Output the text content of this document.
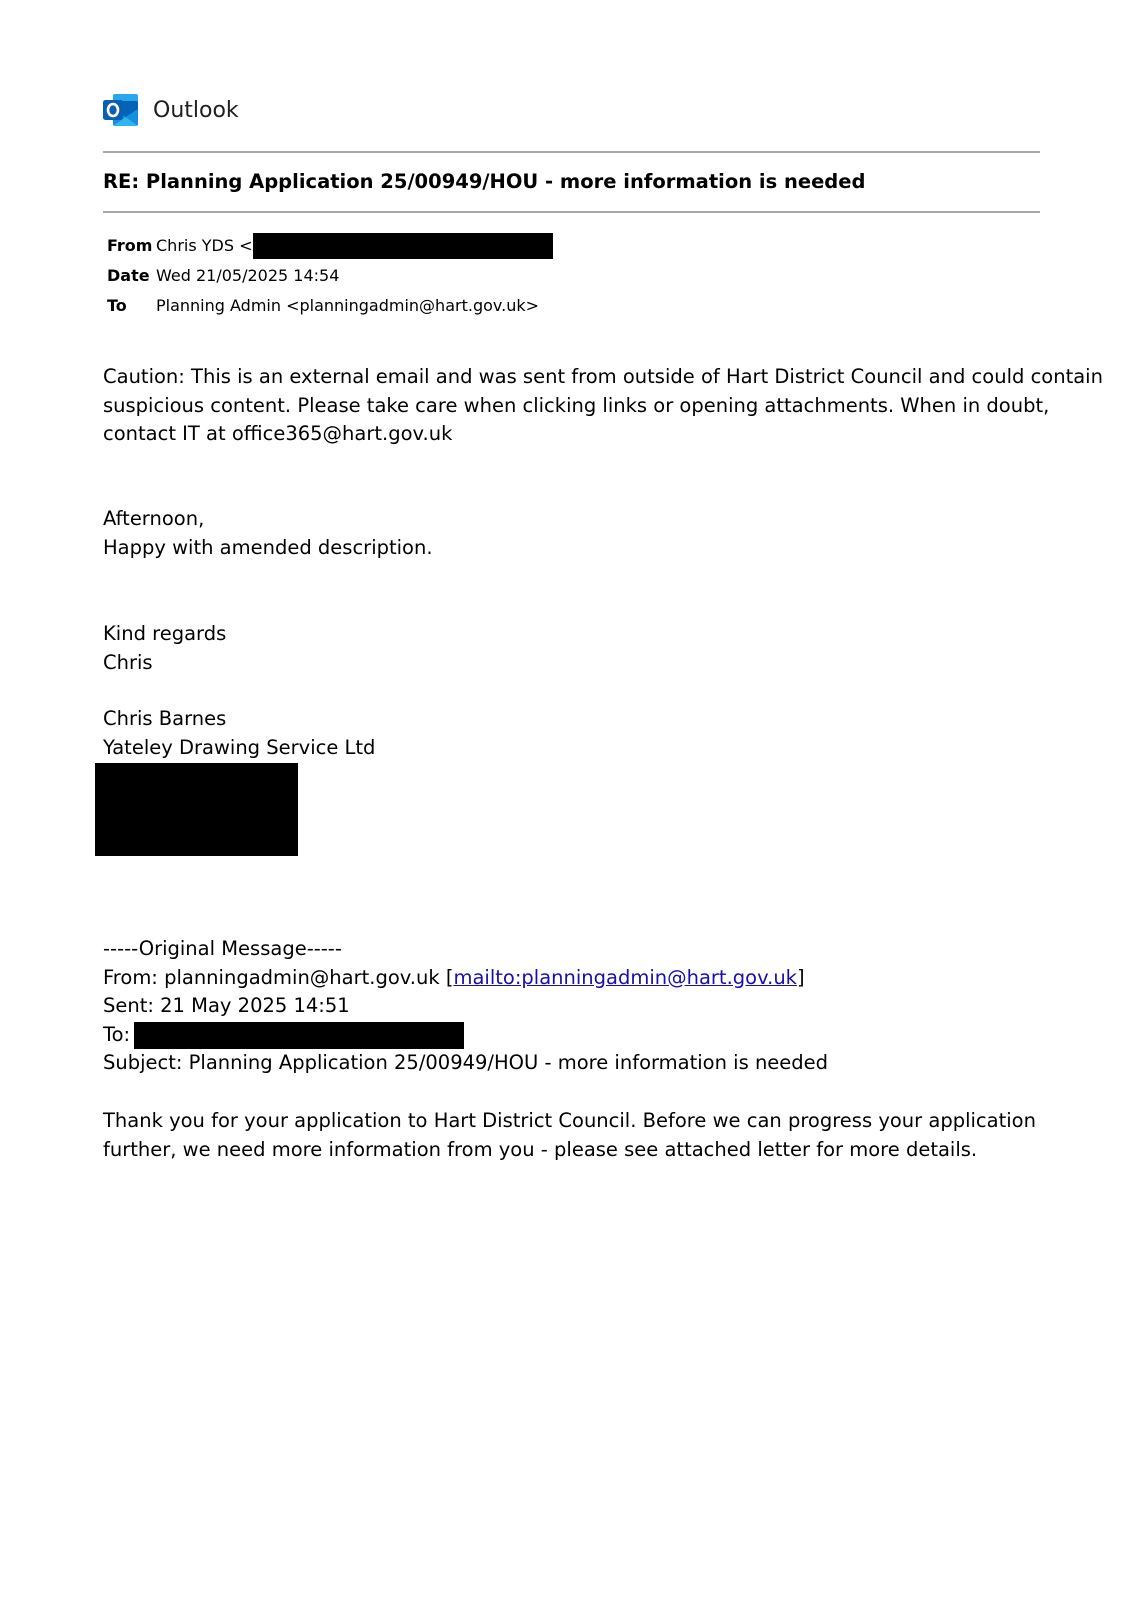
Outlook
RE: Planning Application 25/00949/HOU - more information is needed
From Chris YDS <
Date Wed 21/05/2025 14:54
To	Planning Admin <planningadmin@hart.gov.uk>
Caution: This is an external email and was sent from outside of Hart District Council and could contain
suspicious content. Please take care when clicking links or opening attachments. When in doubt,
contact IT at office365@hart.gov.uk
Afternoon,
Happy with amended description.
Kind regards
Chris
Chris Barnes
Yateley Drawing Service Ltd
-----Original Message-----
From: planningadmin@hart.gov.uk [mailto:planningadmin@hart.gov.uk]
Sent: 21 May 2025 14:51
To:
Subject: Planning Application 25/00949/HOU - more information is needed
Thank you for your application to Hart District Council. Before we can progress your application
further, we need more information from you - please see attached letter for more details.
